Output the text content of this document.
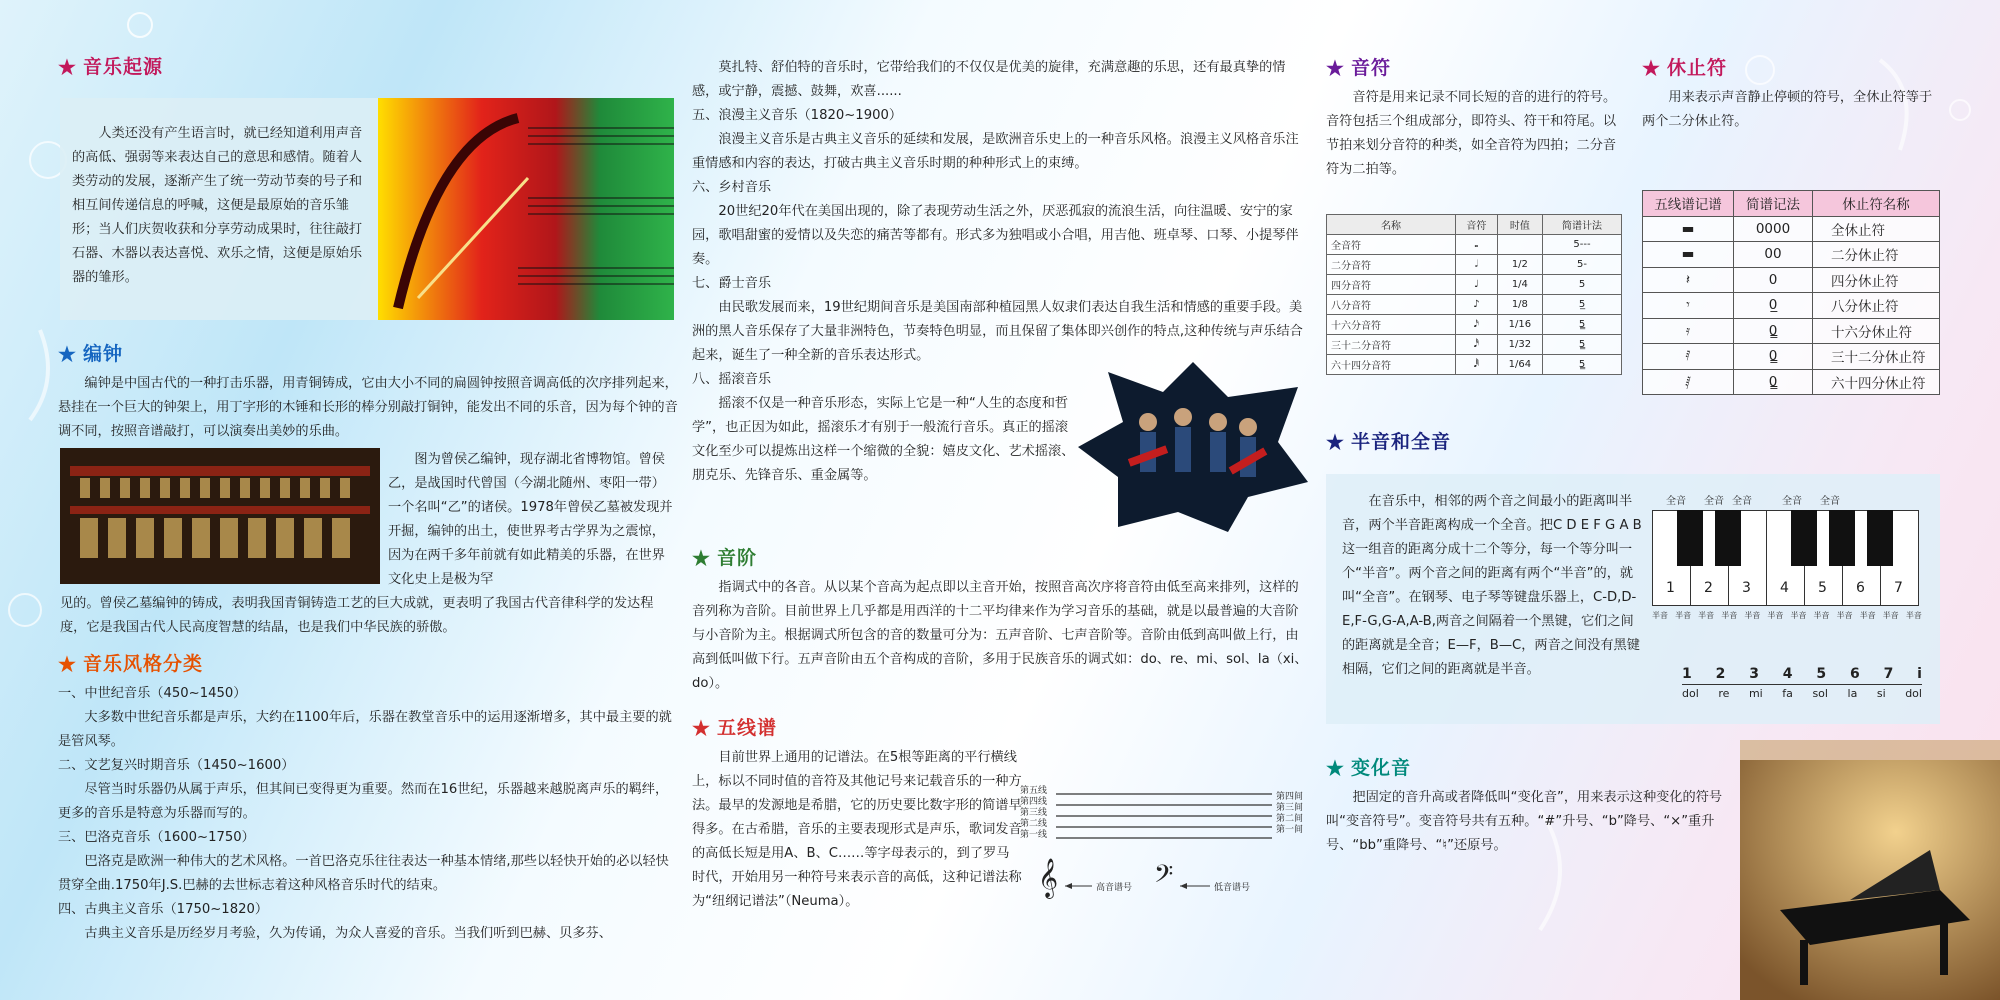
★ 音乐起源

人类还没有产生语言时，就已经知道利用声音的高低、强弱等来表达自己的意思和感情。随着人类劳动的发展，逐渐产生了统一劳动节奏的号子和相互间传递信息的呼喊，这便是最原始的音乐雏形；当人们庆贺收获和分享劳动成果时，往往敲打石器、木器以表达喜悦、欢乐之情，这便是原始乐器的雏形。

★ 编钟

编钟是中国古代的一种打击乐器，用青铜铸成，它由大小不同的扁圆钟按照音调高低的次序排列起来，悬挂在一个巨大的钟架上，用丁字形的木锤和长形的棒分别敲打铜钟，能发出不同的乐音，因为每个钟的音调不同，按照音谱敲打，可以演奏出美妙的乐曲。

图为曾侯乙编钟，现存湖北省博物馆。曾侯乙，是战国时代曾国（今湖北随州、枣阳一带）一个名叫“乙”的诸侯。1978年曾侯乙墓被发现并开掘，编钟的出土，使世界考古学界为之震惊，因为在两千多年前就有如此精美的乐器，在世界文化史上是极为罕

见的。曾侯乙墓编钟的铸成，表明我国青铜铸造工艺的巨大成就，更表明了我国古代音律科学的发达程度，它是我国古代人民高度智慧的结晶，也是我们中华民族的骄傲。

★ 音乐风格分类

一、中世纪音乐（450~1450）

大多数中世纪音乐都是声乐，大约在1100年后，乐器在教堂音乐中的运用逐渐增多，其中最主要的就是管风琴。

二、文艺复兴时期音乐（1450~1600）

尽管当时乐器仍从属于声乐，但其间已变得更为重要。然而在16世纪，乐器越来越脱离声乐的羁绊，更多的音乐是特意为乐器而写的。

三、巴洛克音乐（1600~1750）

巴洛克是欧洲一种伟大的艺术风格。一首巴洛克乐往往表达一种基本情绪,那些以轻快开始的必以轻快贯穿全曲.1750年J.S.巴赫的去世标志着这种风格音乐时代的结束。

四、古典主义音乐（1750~1820）

古典主义音乐是历经岁月考验，久为传诵，为众人喜爱的音乐。当我们听到巴赫、贝多芬、

莫扎特、舒伯特的音乐时，它带给我们的不仅仅是优美的旋律，充满意趣的乐思，还有最真挚的情感，或宁静，震撼、鼓舞，欢喜......

五、浪漫主义音乐（1820~1900）

浪漫主义音乐是古典主义音乐的延续和发展，是欧洲音乐史上的一种音乐风格。浪漫主义风格音乐注重情感和内容的表达，打破古典主义音乐时期的种种形式上的束缚。

六、乡村音乐

20世纪20年代在美国出现的，除了表现劳动生活之外，厌恶孤寂的流浪生活，向往温暖、安宁的家园，歌唱甜蜜的爱情以及失恋的痛苦等都有。形式多为独唱或小合唱，用吉他、班卓琴、口琴、小提琴伴奏。

七、爵士音乐

由民歌发展而来，19世纪期间音乐是美国南部种植园黑人奴隶们表达自我生活和情感的重要手段。美洲的黑人音乐保存了大量非洲特色，节奏特色明显，而且保留了集体即兴创作的特点,这种传统与声乐结合起来，诞生了一种全新的音乐表达形式。

八、摇滚音乐

摇滚不仅是一种音乐形态，实际上它是一种“人生的态度和哲学”，也正因为如此，摇滚乐才有别于一般流行音乐。真正的摇滚文化至少可以提炼出这样一个缩微的全貌：嬉皮文化、艺术摇滚、朋克乐、先锋音乐、重金属等。

★ 音阶

指调式中的各音。从以某个音高为起点即以主音开始，按照音高次序将音符由低至高来排列，这样的音列称为音阶。目前世界上几乎都是用西洋的十二平均律来作为学习音乐的基础，就是以最普遍的大音阶与小音阶为主。根据调式所包含的音的数量可分为：五声音阶、七声音阶等。音阶由低到高叫做上行，由高到低叫做下行。五声音阶由五个音构成的音阶，多用于民族音乐的调式如：do、re、mi、sol、la（xi、do）。

★ 五线谱

目前世界上通用的记谱法。在5根等距离的平行横线上，标以不同时值的音符及其他记号来记载音乐的一种方法。最早的发源地是希腊，它的历史要比数字形的简谱早得多。在古希腊，音乐的主要表现形式是声乐，歌词发音的高低长短是用A、B、C……等字母表示的，到了罗马时代，开始用另一种符号来表示音的高低，这种记谱法称为“纽纲记谱法”（Neuma）。

第五线
第四线
第三线
第二线
第一线
第四间
第三间
第二间
第一间
𝄞	高音谱号 𝄢	低音谱号
★ 音符

音符是用来记录不同长短的音的进行的符号。音符包括三个组成部分，即符头、符干和符尾。以节拍来划分音符的种类，如全音符为四拍；二分音符为二拍等。

名称	音符	时值	简谱计法
全音符	𝅝		5---
二分音符	𝅗𝅥	1/2	5-
四分音符	♩	1/4	5
八分音符	♪	1/8	5̲
十六分音符	𝅘𝅥𝅯	1/16	5̳
三十二分音符	𝅘𝅥𝅰	1/32	5̳
六十四分音符	𝅘𝅥𝅱	1/64	5̳
★ 休止符

用来表示声音静止停顿的符号，全休止符等于两个二分休止符。

五线谱记谱	简谱记法	休止符名称
▬	0000	全休止符
▬	00	二分休止符
𝄽	0	四分休止符
𝄾	0̲	八分休止符
𝄿	0̳	十六分休止符
𝅀	0̳	三十二分休止符
𝅁	0̳	六十四分休止符
★ 半音和全音

在音乐中，相邻的两个音之间最小的距离叫半音，两个半音距离构成一个全音。把C D E F G A B 这一组音的距离分成十二个等分，每一个等分叫一个“半音”。两个音之间的距离有两个“半音”的，就叫“全音”。在钢琴、电子琴等键盘乐器上，C-D,D-E,F-G,G-A,A-B,两音之间隔着一个黑键，它们之间的距离就是全音；E—F，B—C，两音之间没有黑键相隔，它们之间的距离就是半音。

全音 全音 全音	全音 全音
1 2 3 4 5 6 7
半音 半音 半音 半音 半音 半音 半音 半音 半音 半音 半音 半音
1 2 3 4 5 6 7 i
dol re mi fa sol la si dol
★ 变化音

把固定的音升高或者降低叫“变化音”，用来表示这种变化的符号叫“变音符号”。变音符号共有五种。“#”升号、“b”降号、“×”重升号、“bb”重降号、“♮”还原号。
